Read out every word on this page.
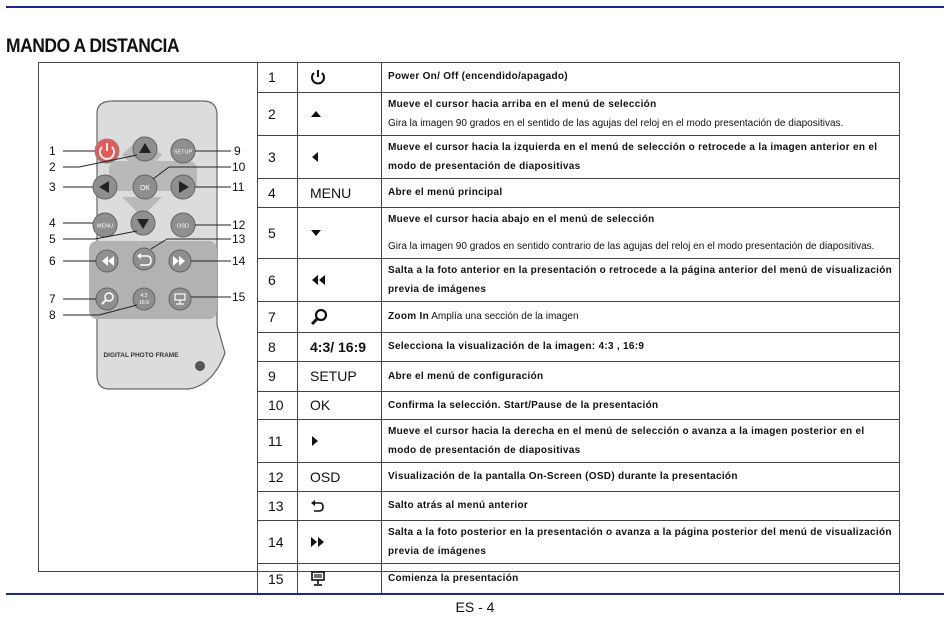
MANDO A DISTANCIA
SETUP
OK
MENU	OSD
4:3
16:9
DIGITAL PHOTO FRAME
1
2
3
4
5
6
7
8
9
10
11
12
13
14
15
1		Power On/ Off (encendido/apagado)
2		Mueve el cursor hacia arriba en el menú de selección
Gira la imagen 90 grados en el sentido de las agujas del reloj en el modo presentación de diapositivas.

3		Mueve el cursor hacia la izquierda en el menú de selección o retrocede a la imagen anterior en el modo de presentación de diapositivas
4	MENU	Abre el menú principal
5		Mueve el cursor hacia abajo en el menú de selección
Gira la imagen 90 grados en sentido contrario de las agujas del reloj en el modo presentación de diapositivas.

6		Salta a la foto anterior en la presentación o retrocede a la página anterior del menú de visualización previa de imágenes
7		Zoom In Amplía una sección de la imagen
8	4:3/ 16:9	Selecciona la visualización de la imagen: 4:3 , 16:9
9	SETUP	Abre el menú de configuración
10	OK	Confirma la selección. Start/Pause de la presentación
11		Mueve el cursor hacia la derecha en el menú de selección o avanza a la imagen posterior en el modo de presentación de diapositivas
12	OSD	Visualización de la pantalla On-Screen (OSD) durante la presentación
13		Salto atrás al menú anterior
14		Salta a la foto posterior en la presentación o avanza a la página posterior del menú de visualización previa de imágenes
15		Comienza la presentación
ES - 4
